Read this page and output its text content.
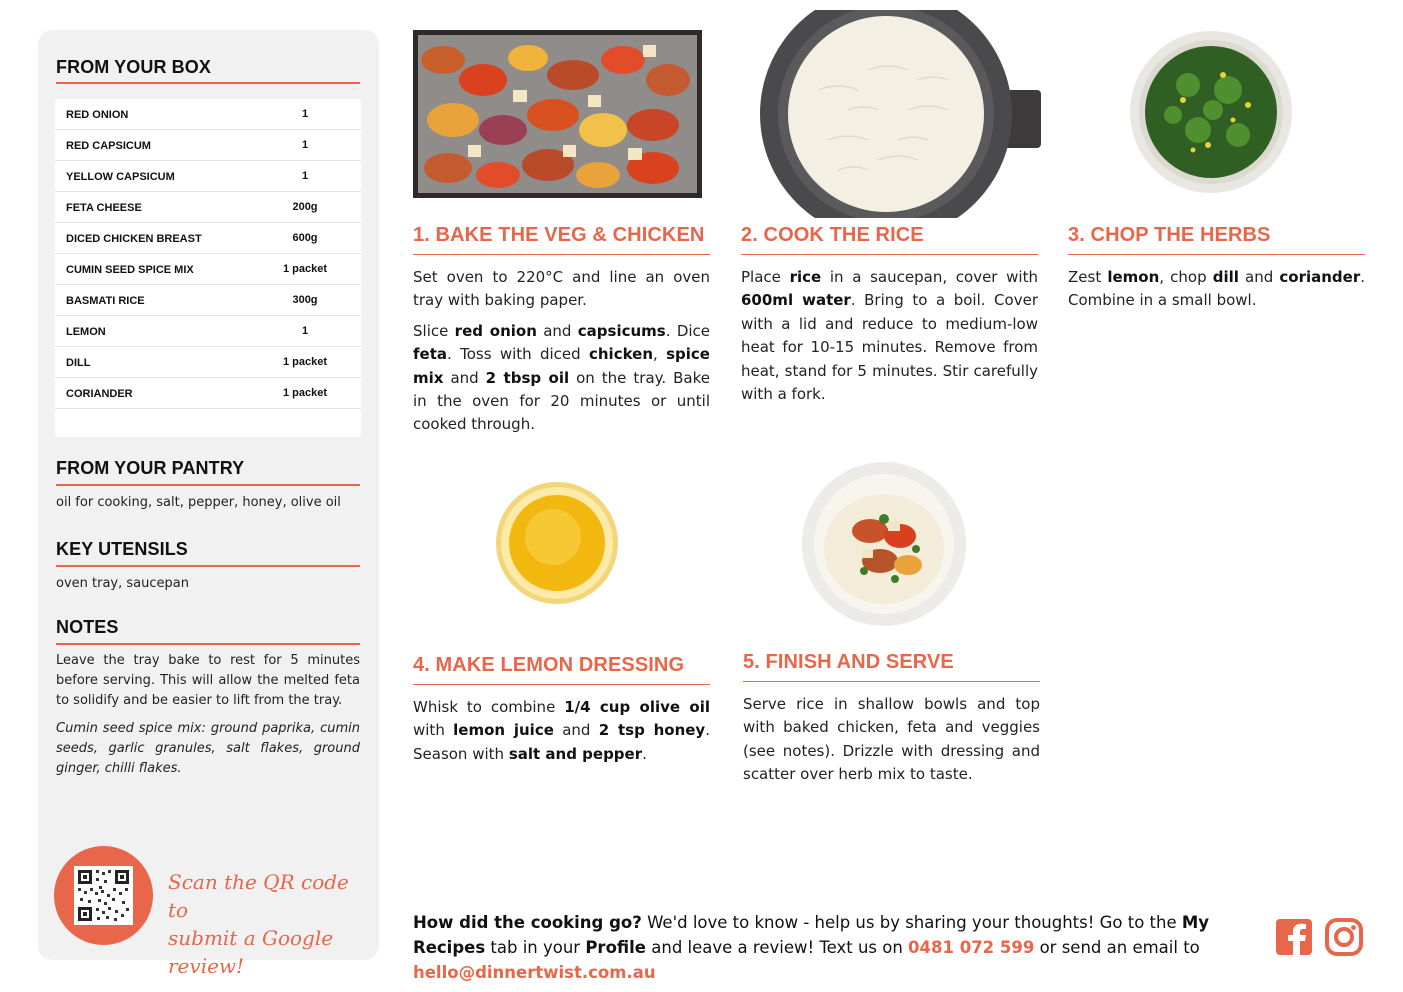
FROM YOUR BOX
RED ONION	1
RED CAPSICUM	1
YELLOW CAPSICUM	1
FETA CHEESE	200g
DICED CHICKEN BREAST	600g
CUMIN SEED SPICE MIX	1 packet
BASMATI RICE	300g
LEMON	1
DILL	1 packet
CORIANDER	1 packet
FROM YOUR PANTRY
oil for cooking, salt, pepper, honey, olive oil
KEY UTENSILS
oven tray, saucepan
NOTES

Leave the tray bake to rest for 5 minutes before serving. This will allow the melted feta to solidify and be easier to lift from the tray.

Cumin seed spice mix: ground paprika, cumin seeds, garlic granules, salt flakes, ground ginger, chilli flakes.

Scan the QR code to
submit a Google review!
1. BAKE THE VEG & CHICKEN 2. COOK THE RICE	3. CHOP THE HERBS
4. MAKE LEMON DRESSING	5. FINISH AND SERVE

Set oven to 220°C and line an oven tray with baking paper.

Slice red onion and capsicums. Dice feta. Toss with diced chicken, spice mix and 2 tbsp oil on the tray. Bake in the oven for 20 minutes or until cooked through.

Place rice in a saucepan, cover with 600ml water. Bring to a boil. Cover with a lid and reduce to medium-low heat for 10-15 minutes. Remove from heat, stand for 5 minutes. Stir carefully with a fork.

Zest lemon, chop dill and coriander. Combine in a small bowl.

Whisk to combine 1/4 cup olive oil with lemon juice and 2 tsp honey. Season with salt and pepper.

Serve rice in shallow bowls and top with baked chicken, feta and veggies (see notes). Drizzle with dressing and scatter over herb mix to taste.

How did the cooking go? We'd love to know - help us by sharing your thoughts! Go to the My Recipes tab in your Profile and leave a review! Text us on 0481 072 599 or send an email to hello@dinnertwist.com.au
